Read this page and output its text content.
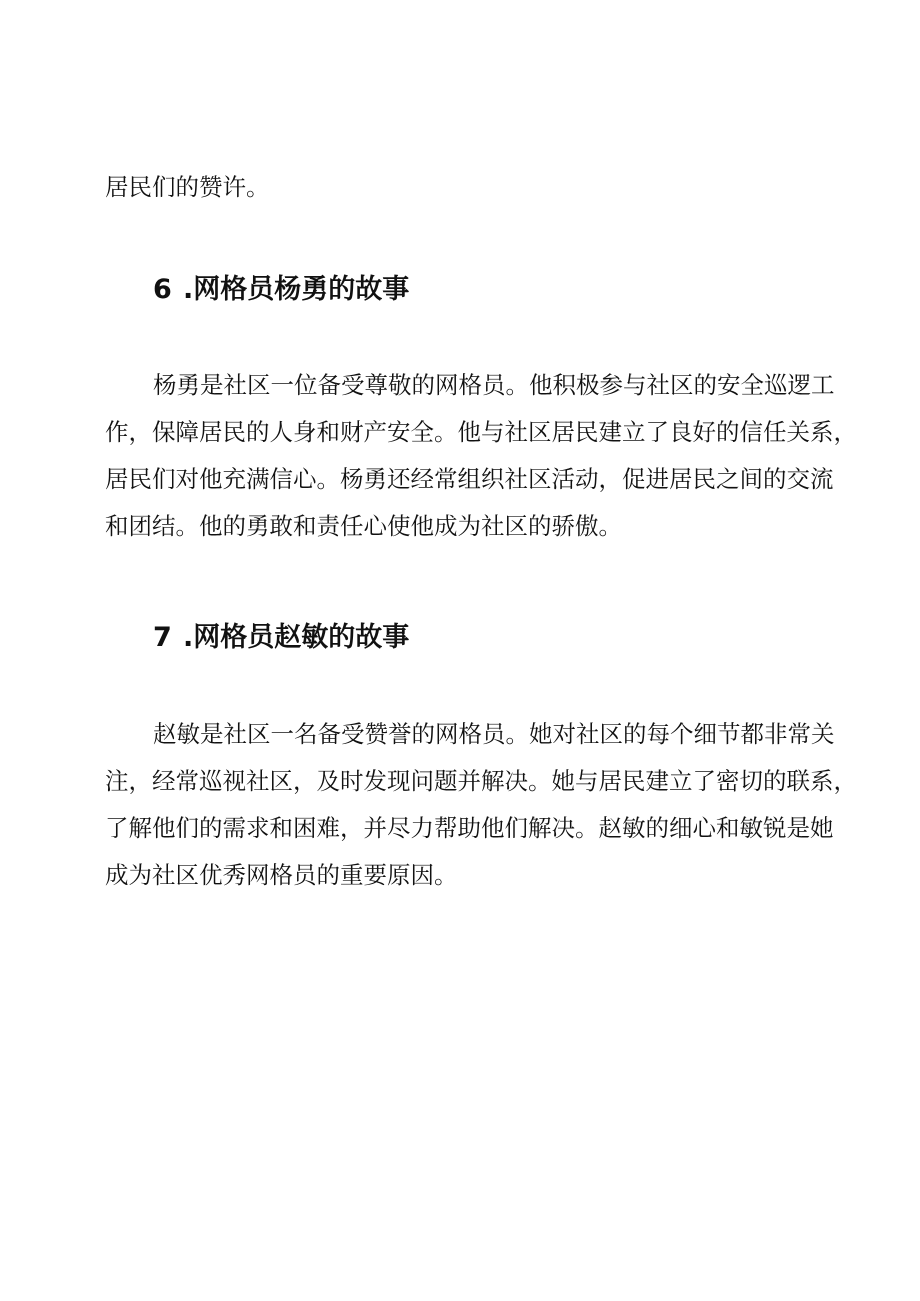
居民们的赞许。
6 .网格员杨勇的故事
杨勇是社区一位备受尊敬的网格员。他积极参与社区的安全巡逻工
作，保障居民的人身和财产安全。他与社区居民建立了良好的信任关系，
居民们对他充满信心。杨勇还经常组织社区活动，促进居民之间的交流
和团结。他的勇敢和责任心使他成为社区的骄傲。
7 .网格员赵敏的故事
赵敏是社区一名备受赞誉的网格员。她对社区的每个细节都非常关
注，经常巡视社区，及时发现问题并解决。她与居民建立了密切的联系，
了解他们的需求和困难，并尽力帮助他们解决。赵敏的细心和敏锐是她
成为社区优秀网格员的重要原因。
